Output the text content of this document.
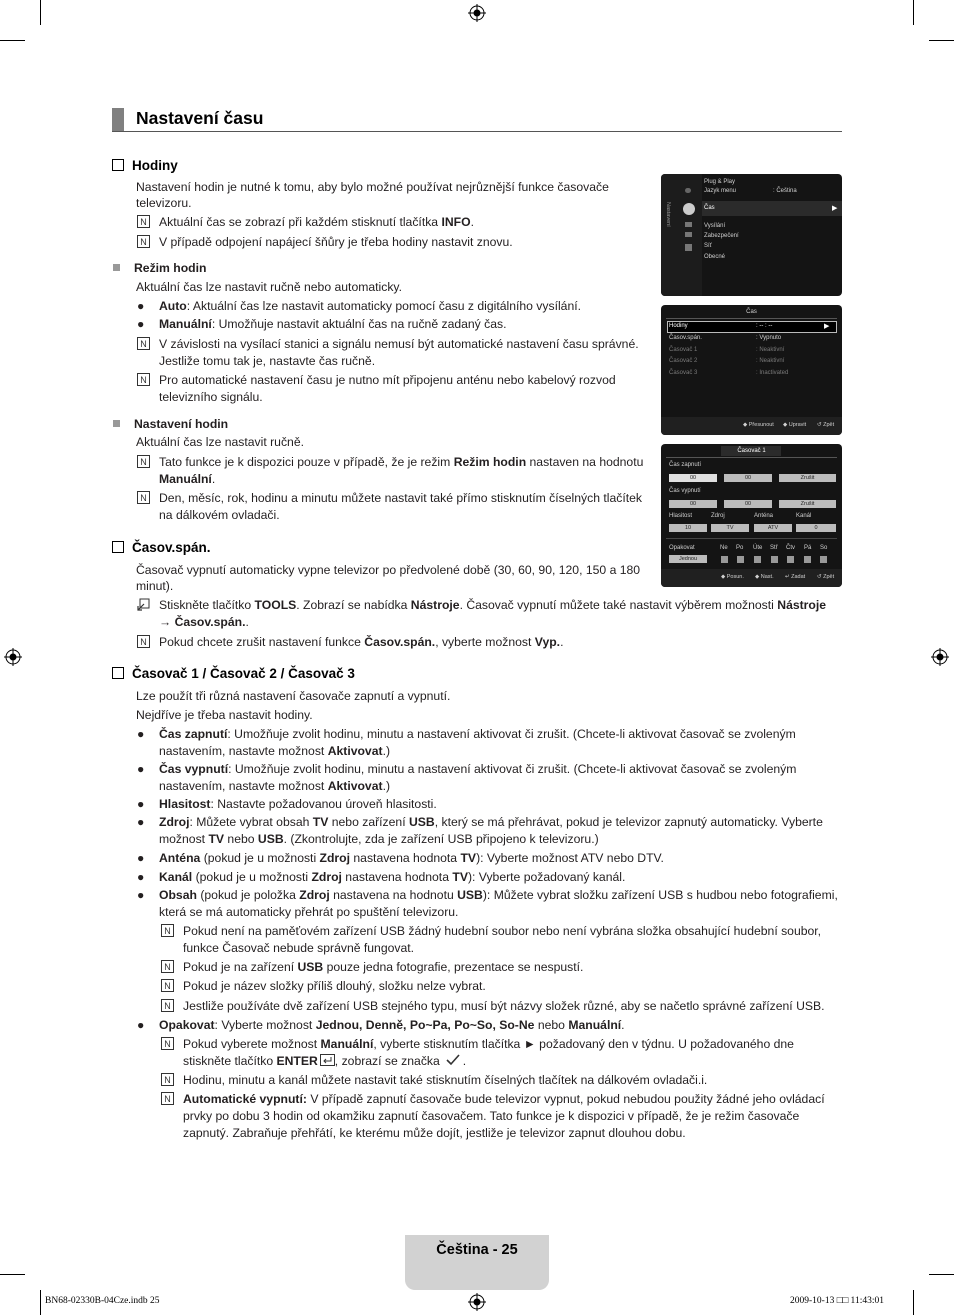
Nastavení času
Hodiny
Nastavení hodin je nutné k tomu, aby bylo možné používat nejrůznější funkce časovače
televizoru.
N Aktuální čas se zobrazí při každém stisknutí tlačítka INFO.
N V případě odpojení napájecí šňůry je třeba hodiny nastavit znovu.
Režim hodin
Aktuální čas lze nastavit ručně nebo automaticky.
● Auto: Aktuální čas lze nastavit automaticky pomocí času z digitálního vysílání.
● Manuální: Umožňuje nastavit aktuální čas na ručně zadaný čas.
N V závislosti na vysílací stanici a signálu nemusí být automatické nastavení času správné.
Jestliže tomu tak je, nastavte čas ručně.
N Pro automatické nastavení času je nutno mít připojenu anténu nebo kabelový rozvod
televizního signálu.
Nastavení hodin
Aktuální čas lze nastavit ručně.
N Tato funkce je k dispozici pouze v případě, že je režim Režim hodin nastaven na hodnotu
Manuální.
N Den, měsíc, rok, hodinu a minutu můžete nastavit také přímo stisknutím číselných tlačítek
na dálkovém ovladači.
Časov.spán.
Časovač vypnutí automaticky vypne televizor po předvolené době (30, 60, 90, 120, 150 a 180
minut).
Stiskněte tlačítko TOOLS. Zobrazí se nabídka Nástroje. Časovač vypnutí můžete také nastavit výběrem možnosti Nástroje
→ Časov.spán..
N Pokud chcete zrušit nastavení funkce Časov.spán., vyberte možnost Vyp..
Časovač 1 / Časovač 2 / Časovač 3
Lze použít tři různá nastavení časovače zapnutí a vypnutí.
Nejdříve je třeba nastavit hodiny.
● Čas zapnutí: Umožňuje zvolit hodinu, minutu a nastavení aktivovat či zrušit. (Chcete-li aktivovat časovač se zvoleným
nastavením, nastavte možnost Aktivovat.)
● Čas vypnutí: Umožňuje zvolit hodinu, minutu a nastavení aktivovat či zrušit. (Chcete-li aktivovat časovač se zvoleným
nastavením, nastavte možnost Aktivovat.)
● Hlasitost: Nastavte požadovanou úroveň hlasitosti.
● Zdroj: Můžete vybrat obsah TV nebo zařízení USB, který se má přehrávat, pokud je televizor zapnutý automaticky. Vyberte
možnost TV nebo USB. (Zkontrolujte, zda je zařízení USB připojeno k televizoru.)
● Anténa (pokud je u možnosti Zdroj nastavena hodnota TV): Vyberte možnost ATV nebo DTV.
● Kanál (pokud je u možnosti Zdroj nastavena hodnota TV): Vyberte požadovaný kanál.
● Obsah (pokud je položka Zdroj nastavena na hodnotu USB): Můžete vybrat složku zařízení USB s hudbou nebo fotografiemi,
která se má automaticky přehrát po spuštění televizoru.
N Pokud není na paměťovém zařízení USB žádný hudební soubor nebo není vybrána složka obsahující hudební soubor,
funkce Časovač nebude správně fungovat.
N Pokud je na zařízení USB pouze jedna fotografie, prezentace se nespustí.
N Pokud je název složky příliš dlouhý, složku nelze vybrat.
N Jestliže používáte dvě zařízení USB stejného typu, musí být názvy složek různé, aby se načetlo správné zařízení USB.
● Opakovat: Vyberte možnost Jednou, Denně, Po~Pa, Po~So, So-Ne nebo Manuální.
N Pokud vyberete možnost Manuální, vyberte stisknutím tlačítka ► požadovaný den v týdnu. U požadovaného dne
stiskněte tlačítko ENTER , zobrazí se značka .
N Hodinu, minutu a kanál můžete nastavit také stisknutím číselných tlačítek na dálkovém ovladači.i.
N Automatické vypnutí: V případě zapnutí časovače bude televizor vypnut, pokud nebudou použity žádné jeho ovládací
prvky po dobu 3 hodin od okamžiku zapnutí časovačem. Tato funkce je k dispozici v případě, že je režim časovače
zapnutý. Zabraňuje přehřátí, ke kterému může dojít, jestliže je televizor zapnut dlouhou dobu.
Nastavení
Plug & Play
Jazyk menu	: Čeština
Čas	▶
Vysílání
Zabezpečení
Síť
Obecné
Čas
Hodiny	: -- : --	▶
Časov.spán.	: Vypnuto
Časovač 1	: Neaktivní
Časovač 2	: Neaktivní
Časovač 3	: Inactivated
◆ Přesunout ◆ Upravit ↺ Zpět
Časovač 1
Čas zapnutí
00	00	Zrušit
Čas vypnutí
00	00	Zrušit
Hlasitost	Zdroj	Anténa	Kanál
10	TV	ATV	0
Opakovat
Jednou
Ne Po Úte Stř Čtv Pá So
◆ Posun. ◆ Nast. ↵ Zadat ↺ Zpět
Čeština - 25
BN68-02330B-04Cze.indb 25	2009-10-13 □□ 11:43:01
